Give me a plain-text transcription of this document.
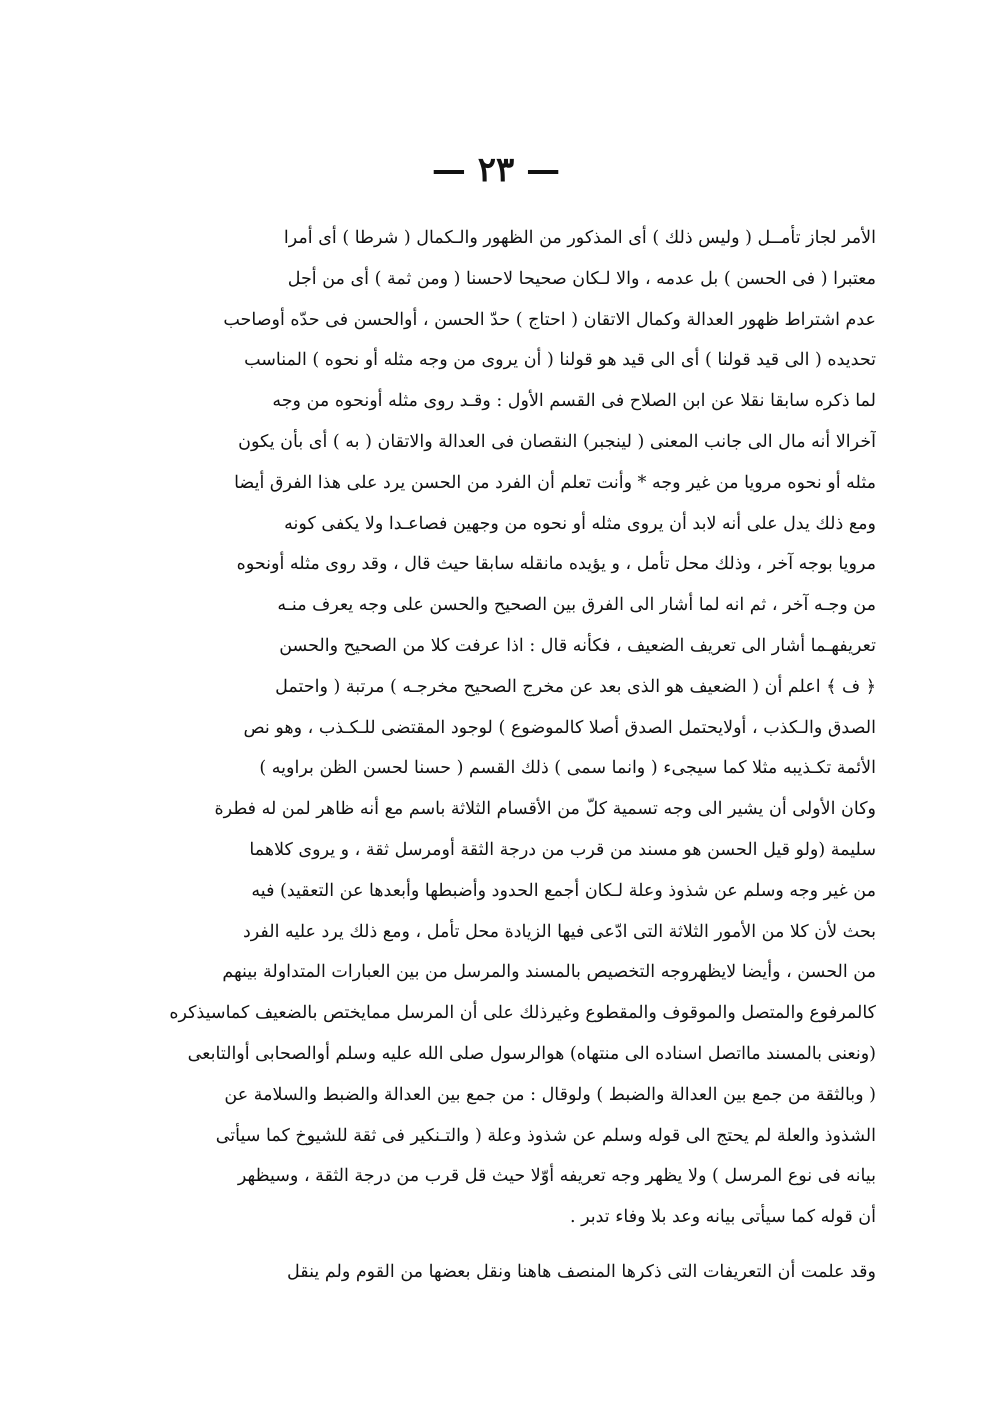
— ٢٣ —
الأمر لجاز تأمــل ( وليس ذلك ) أى المذكور من الظهور والـكمال ( شرطا ) أى أمرا
معتبرا ( فى الحسن ) بل عدمه ، والا لـكان صحيحا لاحسنا ( ومن ثمة ) أى من أجل
عدم اشتراط ظهور العدالة وكمال الاتقان ( احتاج ) حدّ الحسن ، أوالحسن فى حدّه أوصاحب
تحديده ( الى قيد قولنا ) أى الى قيد هو قولنا ( أن يروى من وجه مثله أو نحوه ) المناسب
لما ذكره سابقا نقلا عن ابن الصلاح فى القسم الأول : وقـد روى مثله أونحوه من وجه
آخرالا أنه مال الى جانب المعنى ( لينجبر) النقصان فى العدالة والاتقان ( به ) أى بأن يكون
مثله أو نحوه مرويا من غير وجه * وأنت تعلم أن الفرد من الحسن يرد على هذا الفرق أيضا
ومع ذلك يدل على أنه لابد أن يروى مثله أو نحوه من وجهين فصاعـدا ولا يكفى كونه
مرويا بوجه آخر ، وذلك محل تأمل ، و يؤيده مانقله سابقا حيث قال ، وقد روى مثله أونحوه
من وجـه آخر ، ثم انه لما أشار الى الفرق بين الصحيح والحسن على وجه يعرف منـه
تعريفهـما أشار الى تعريف الضعيف ، فكأنه قال : اذا عرفت كلا من الصحيح والحسن
﴿ ف ﴾ اعلم أن ( الضعيف هو الذى بعد عن مخرج الصحيح مخرجـه ) مرتبة ( واحتمل
الصدق والـكذب ، أولايحتمل الصدق أصلا كالموضوع ) لوجود المقتضى للـكـذب ، وهو نص
الأئمة تكـذيبه مثلا كما سيجىء ( وانما سمى ) ذلك القسم ( حسنا لحسن الظن براويه )
وكان الأولى أن يشير الى وجه تسمية كلّ من الأقسام الثلاثة باسم مع أنه ظاهر لمن له فطرة
سليمة (ولو قيل الحسن هو مسند من قرب من درجة الثقة أومرسل ثقة ، و يروى كلاهما
من غير وجه وسلم عن شذوذ وعلة لـكان أجمع الحدود وأضبطها وأبعدها عن التعقيد) فيه
بحث لأن كلا من الأمور الثلاثة التى ادّعى فيها الزيادة محل تأمل ، ومع ذلك يرد عليه الفرد
من الحسن ، وأيضا لايظهروجه التخصيص بالمسند والمرسل من بين العبارات المتداولة بينهم
كالمرفوع والمتصل والموقوف والمقطوع وغيرذلك على أن المرسل ممايختص بالضعيف كماسيذكره
(ونعنى بالمسند مااتصل اسناده الى منتهاه) هوالرسول صلى الله عليه وسلم أوالصحابى أوالتابعى
( وبالثقة من جمع بين العدالة والضبط ) ولوقال : من جمع بين العدالة والضبط والسلامة عن
الشذوذ والعلة لم يحتج الى قوله وسلم عن شذوذ وعلة ( والتـنكير فى ثقة للشيوخ كما سيأتى
بيانه فى نوع المرسل ) ولا يظهر وجه تعريفه أوّلا حيث قل قرب من درجة الثقة ، وسيظهر
أن قوله كما سيأتى بيانه وعد بلا وفاء تدبر .
وقد علمت أن التعريفات التى ذكرها المنصف هاهنا ونقل بعضها من القوم ولم ينقل
